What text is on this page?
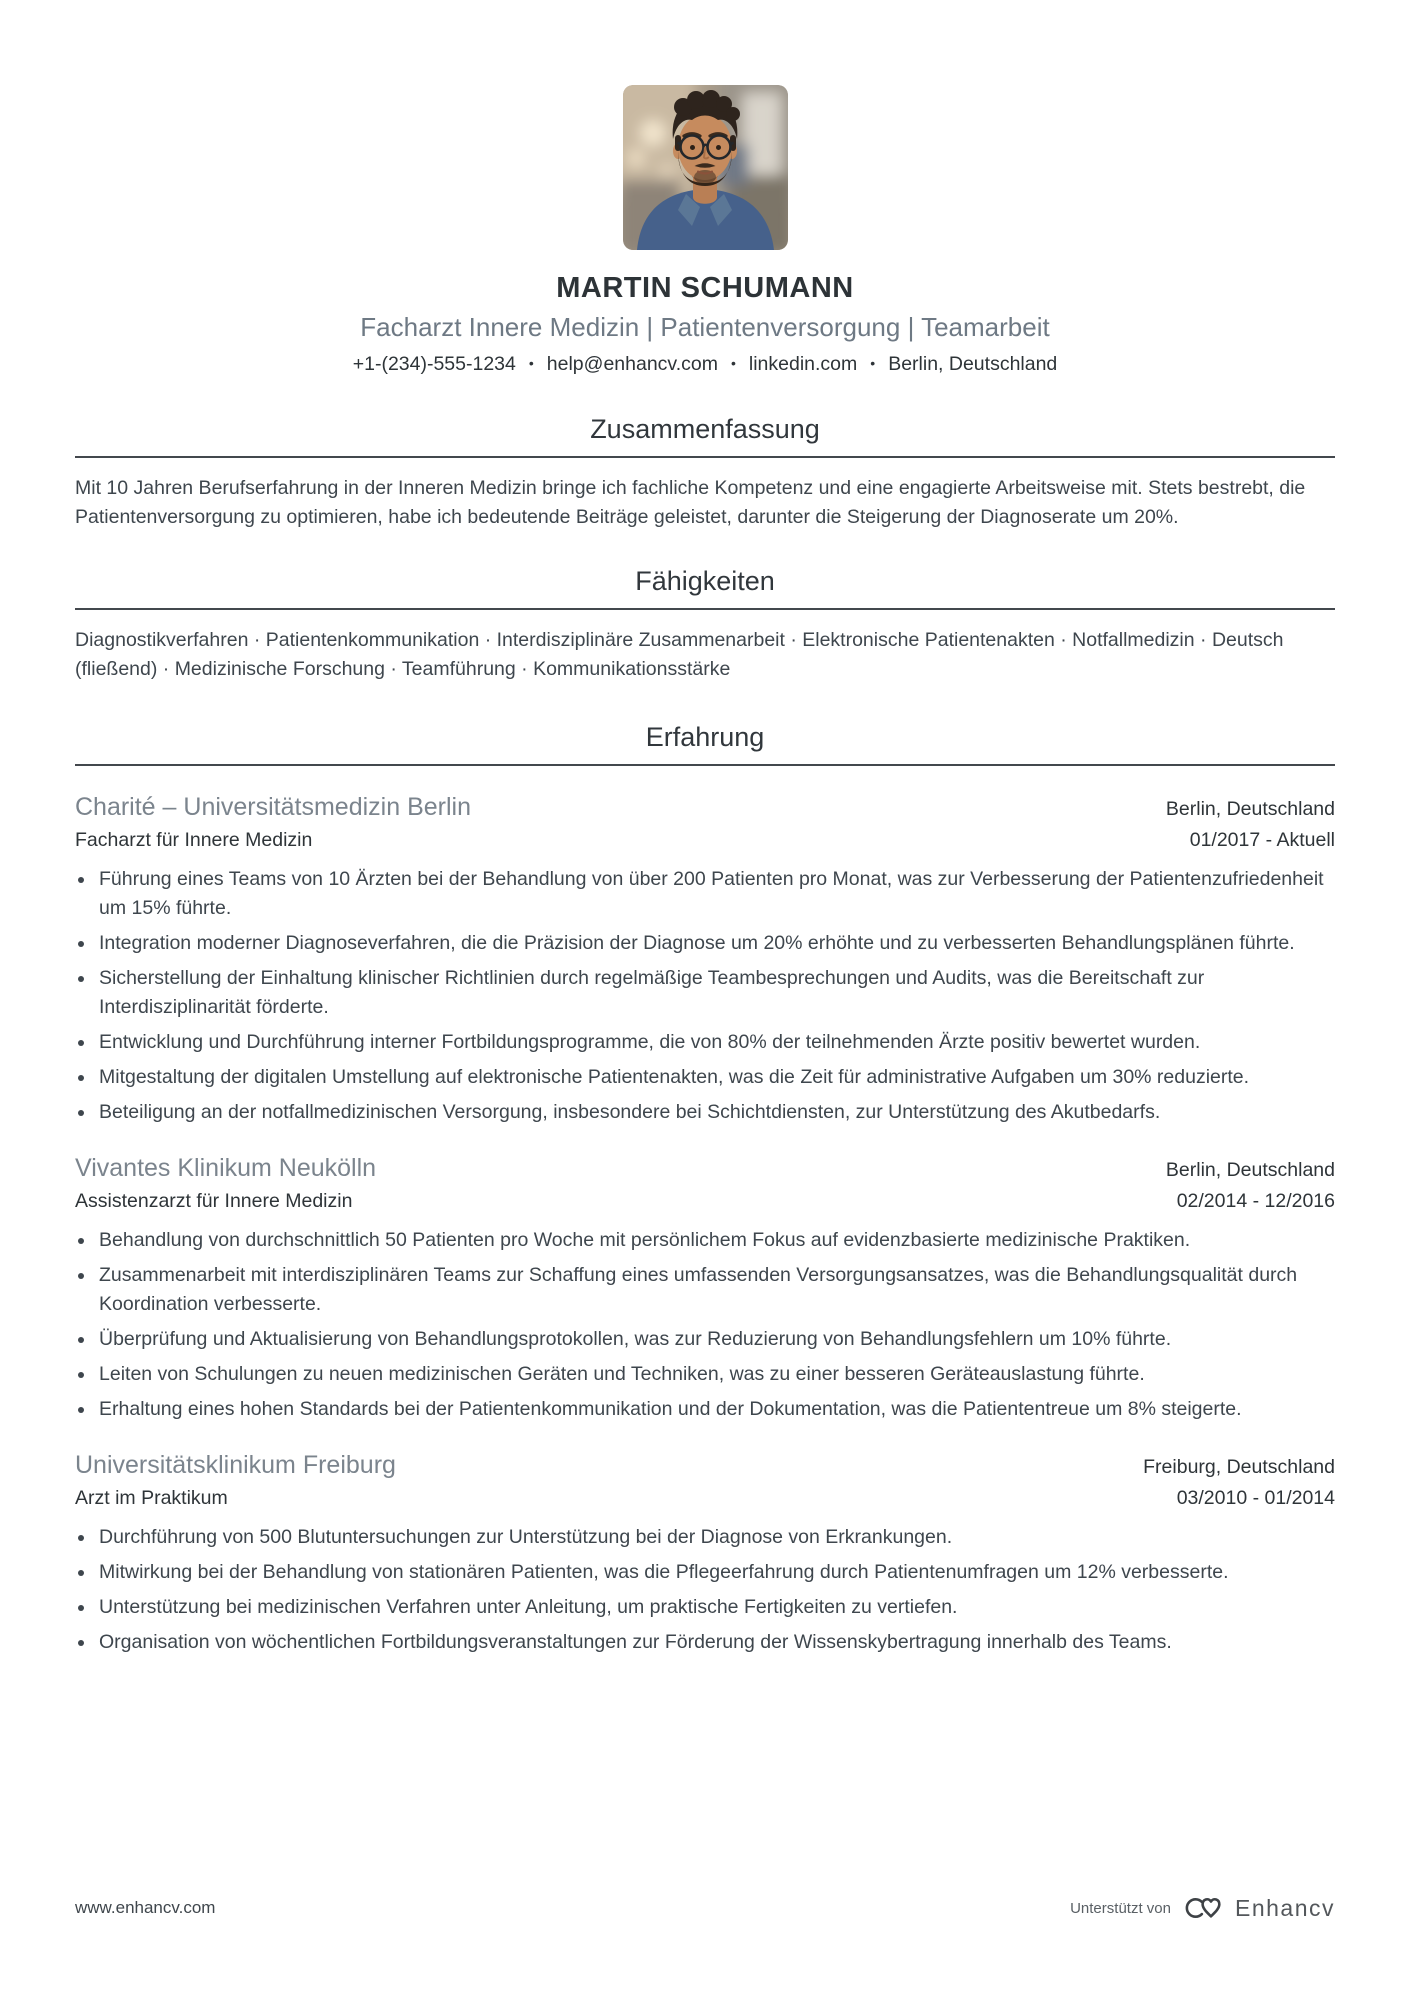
MARTIN SCHUMANN
Facharzt Innere Medizin | Patientenversorgung | Teamarbeit
+1-(234)-555-1234 • help@enhancv.com • linkedin.com • Berlin, Deutschland
Zusammenfassung

Mit 10 Jahren Berufserfahrung in der Inneren Medizin bringe ich fachliche Kompetenz und eine engagierte Arbeitsweise mit. Stets bestrebt, die Patientenversorgung zu optimieren, habe ich bedeutende Beiträge geleistet, darunter die Steigerung der Diagnoserate um 20%.

Fähigkeiten

Diagnostikverfahren · Patientenkommunikation · Interdisziplinäre Zusammenarbeit · Elektronische Patientenakten · Notfallmedizin · Deutsch (fließend) · Medizinische Forschung · Teamführung · Kommunikationsstärke

Erfahrung
Charité – Universitätsmedizin Berlin	Berlin, Deutschland
Facharzt für Innere Medizin	01/2017 - Aktuell
• Führung eines Teams von 10 Ärzten bei der Behandlung von über 200 Patienten pro Monat, was zur Verbesserung der Patientenzufriedenheit um 15% führte.
• Integration moderner Diagnoseverfahren, die die Präzision der Diagnose um 20% erhöhte und zu verbesserten Behandlungsplänen führte.
• Sicherstellung der Einhaltung klinischer Richtlinien durch regelmäßige Teambesprechungen und Audits, was die Bereitschaft zur Interdisziplinarität förderte.
• Entwicklung und Durchführung interner Fortbildungsprogramme, die von 80% der teilnehmenden Ärzte positiv bewertet wurden.
• Mitgestaltung der digitalen Umstellung auf elektronische Patientenakten, was die Zeit für administrative Aufgaben um 30% reduzierte.
• Beteiligung an der notfallmedizinischen Versorgung, insbesondere bei Schichtdiensten, zur Unterstützung des Akutbedarfs.
Vivantes Klinikum Neukölln	Berlin, Deutschland
Assistenzarzt für Innere Medizin	02/2014 - 12/2016
• Behandlung von durchschnittlich 50 Patienten pro Woche mit persönlichem Fokus auf evidenzbasierte medizinische Praktiken.
• Zusammenarbeit mit interdisziplinären Teams zur Schaffung eines umfassenden Versorgungsansatzes, was die Behandlungsqualität durch Koordination verbesserte.
• Überprüfung und Aktualisierung von Behandlungsprotokollen, was zur Reduzierung von Behandlungsfehlern um 10% führte.
• Leiten von Schulungen zu neuen medizinischen Geräten und Techniken, was zu einer besseren Geräteauslastung führte.
• Erhaltung eines hohen Standards bei der Patientenkommunikation und der Dokumentation, was die Patiententreue um 8% steigerte.
Universitätsklinikum Freiburg	Freiburg, Deutschland
Arzt im Praktikum	03/2010 - 01/2014
• Durchführung von 500 Blutuntersuchungen zur Unterstützung bei der Diagnose von Erkrankungen.
• Mitwirkung bei der Behandlung von stationären Patienten, was die Pflegeerfahrung durch Patientenumfragen um 12% verbesserte.
• Unterstützung bei medizinischen Verfahren unter Anleitung, um praktische Fertigkeiten zu vertiefen.
• Organisation von wöchentlichen Fortbildungsveranstaltungen zur Förderung der Wissenskybertragung innerhalb des Teams.
www.enhancv.com	Unterstützt von	Enhancv
